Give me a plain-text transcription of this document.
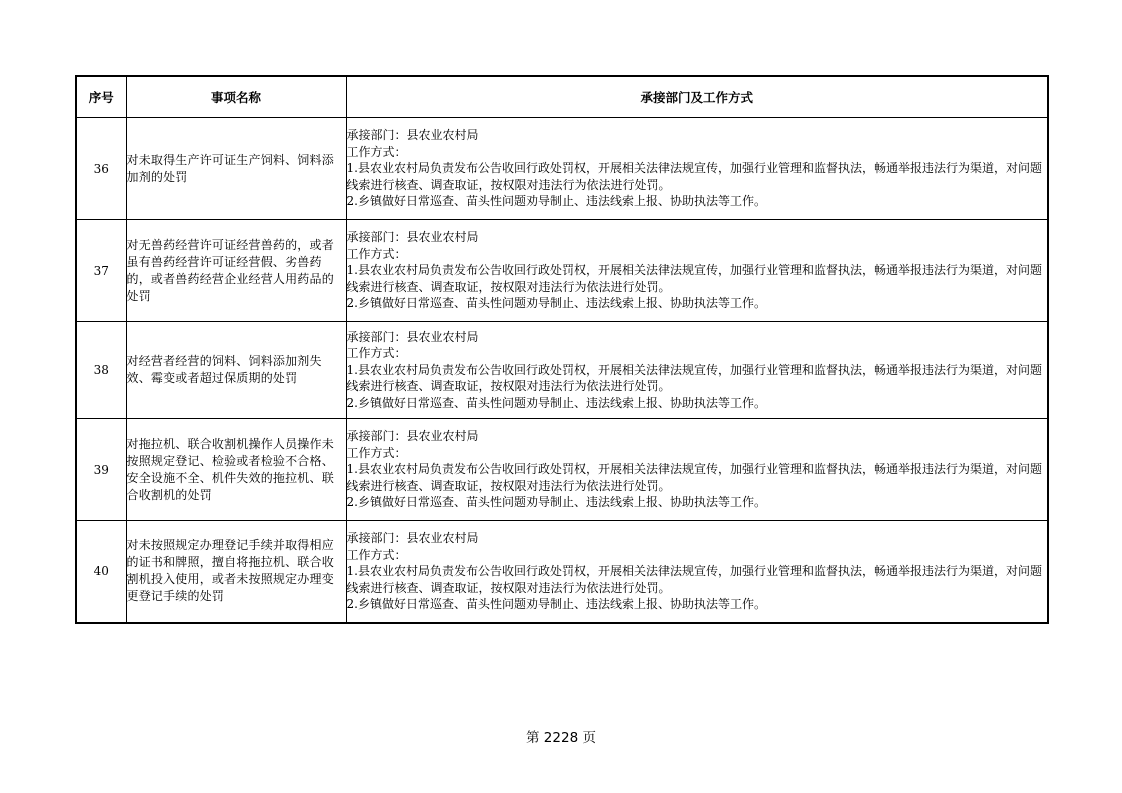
序号	事项名称	承接部门及工作方式
36	对未取得生产许可证生产饲料、饲料添加剂的处罚	承接部门：县农业农村局
工作方式：
1.县农业农村局负责发布公告收回行政处罚权，开展相关法律法规宣传，加强行业管理和监督执法，畅通举报违法行为渠道，对问题线索进行核查、调查取证，按权限对违法行为依法进行处罚。
2.乡镇做好日常巡查、苗头性问题劝导制止、违法线索上报、协助执法等工作。

37	对无兽药经营许可证经营兽药的，或者虽有兽药经营许可证经营假、劣兽药的，或者兽药经营企业经营人用药品的处罚	承接部门：县农业农村局
工作方式：
1.县农业农村局负责发布公告收回行政处罚权，开展相关法律法规宣传，加强行业管理和监督执法，畅通举报违法行为渠道，对问题线索进行核查、调查取证，按权限对违法行为依法进行处罚。
2.乡镇做好日常巡查、苗头性问题劝导制止、违法线索上报、协助执法等工作。

38	对经营者经营的饲料、饲料添加剂失效、霉变或者超过保质期的处罚	承接部门：县农业农村局
工作方式：
1.县农业农村局负责发布公告收回行政处罚权，开展相关法律法规宣传，加强行业管理和监督执法，畅通举报违法行为渠道，对问题线索进行核查、调查取证，按权限对违法行为依法进行处罚。
2.乡镇做好日常巡查、苗头性问题劝导制止、违法线索上报、协助执法等工作。

39	对拖拉机、联合收割机操作人员操作未按照规定登记、检验或者检验不合格、安全设施不全、机件失效的拖拉机、联合收割机的处罚	承接部门：县农业农村局
工作方式：
1.县农业农村局负责发布公告收回行政处罚权，开展相关法律法规宣传，加强行业管理和监督执法，畅通举报违法行为渠道，对问题线索进行核查、调查取证，按权限对违法行为依法进行处罚。
2.乡镇做好日常巡查、苗头性问题劝导制止、违法线索上报、协助执法等工作。

40	对未按照规定办理登记手续并取得相应的证书和牌照，擅自将拖拉机、联合收割机投入使用，或者未按照规定办理变更登记手续的处罚	承接部门：县农业农村局
工作方式：
1.县农业农村局负责发布公告收回行政处罚权，开展相关法律法规宣传，加强行业管理和监督执法，畅通举报违法行为渠道，对问题线索进行核查、调查取证，按权限对违法行为依法进行处罚。
2.乡镇做好日常巡查、苗头性问题劝导制止、违法线索上报、协助执法等工作。
第 2228 页
